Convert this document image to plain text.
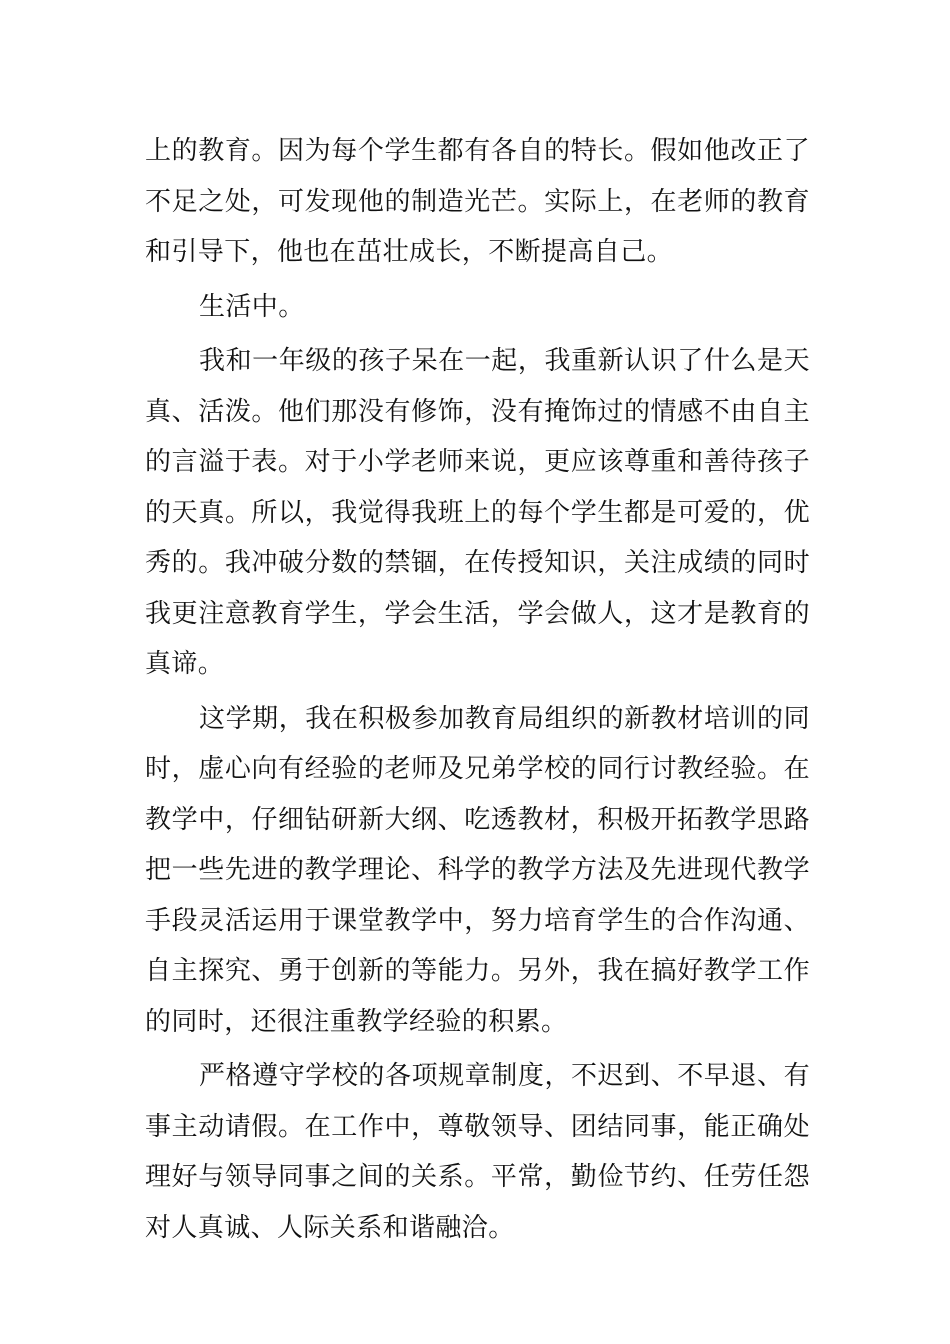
上的教育。因为每个学生都有各自的特长。假如他改正了不足之处，可发现他的制造光芒。实际上，在老师的教育和引导下，他也在茁壮成长，不断提高自己。

生活中。

我和一年级的孩子呆在一起，我重新认识了什么是天真、活泼。他们那没有修饰，没有掩饰过的情感不由自主的言溢于表。对于小学老师来说，更应该尊重和善待孩子的天真。所以，我觉得我班上的每个学生都是可爱的，优秀的。我冲破分数的禁锢，在传授知识，关注成绩的同时我更注意教育学生，学会生活，学会做人，这才是教育的真谛。

这学期，我在积极参加教育局组织的新教材培训的同时，虚心向有经验的老师及兄弟学校的同行讨教经验。在教学中，仔细钻研新大纲、吃透教材，积极开拓教学思路把一些先进的教学理论、科学的教学方法及先进现代教学手段灵活运用于课堂教学中，努力培育学生的合作沟通、自主探究、勇于创新的等能力。另外，我在搞好教学工作的同时，还很注重教学经验的积累。

严格遵守学校的各项规章制度，不迟到、不早退、有事主动请假。在工作中，尊敬领导、团结同事，能正确处理好与领导同事之间的关系。平常，勤俭节约、任劳任怨对人真诚、人际关系和谐融洽。
